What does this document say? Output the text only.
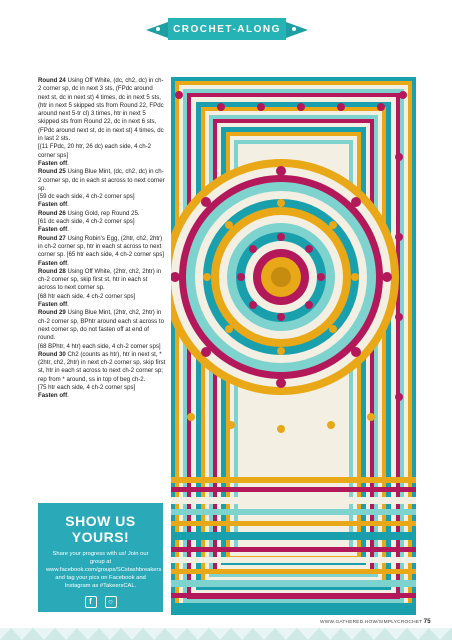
CROCHET-ALONG

Round 24 Using Off White, (dc, ch2, dc) in ch-2 corner sp, dc in next 3 sts, (FPdc around next st, dc in next st) 4 times, dc in next 5 sts, (htr in next 5 skipped sts from Round 22, FPdc around next 5-tr cl) 3 times, htr in next 5 skipped sts from Round 22, dc in next 6 sts, (FPdc around next st, dc in next st) 4 times, dc in last 2 sts.

[(11 FPdc, 20 htr, 26 dc) each side, 4 ch-2 corner sps]

Fasten off.

Round 25 Using Blue Mint, (dc, ch2, dc) in ch-2 corner sp, dc in each st across to next corner sp.

[59 dc each side, 4 ch-2 corner sps]

Fasten off.

Round 26 Using Gold, rep Round 25.

[61 dc each side, 4 ch-2 corner sps]

Fasten off.

Round 27 Using Robin's Egg, (2htr, ch2, 2htr) in ch-2 corner sp, htr in each st across to next corner sp. [65 htr each side, 4 ch-2 corner sps]

Fasten off.

Round 28 Using Off White, (2htr, ch2, 2htr) in ch-2 corner sp, skip first st, htr in each st across to next corner sp.

[68 htr each side, 4 ch-2 corner sps]

Fasten off.

Round 29 Using Blue Mint, (2htr, ch2, 2htr) in ch-2 corner sp, BPhtr around each st across to next corner sp, do not fasten off at end of round.

[68 BPhtr, 4 htr) each side, 4 ch-2 corner sps]

Round 30 Ch2 (counts as htr), htr in next st, *(2htr, ch2, 2htr) in next ch-2 corner sp, skip first st, htr in each st across to next ch-2 corner sp; rep from * around, ss in top of beg ch-2.

[75 htr each side, 4 ch-2 corner sps]

Fasten off.

SHOW US YOURS!
Share your progress with us! Join our group at www.facebook.com/groups/SCstashbreakers and tag your pics on Facebook and Instagram as #TakeersCAL.
f	○
WWW.GATHERED.HOW/SIMPLYCROCHET 75
